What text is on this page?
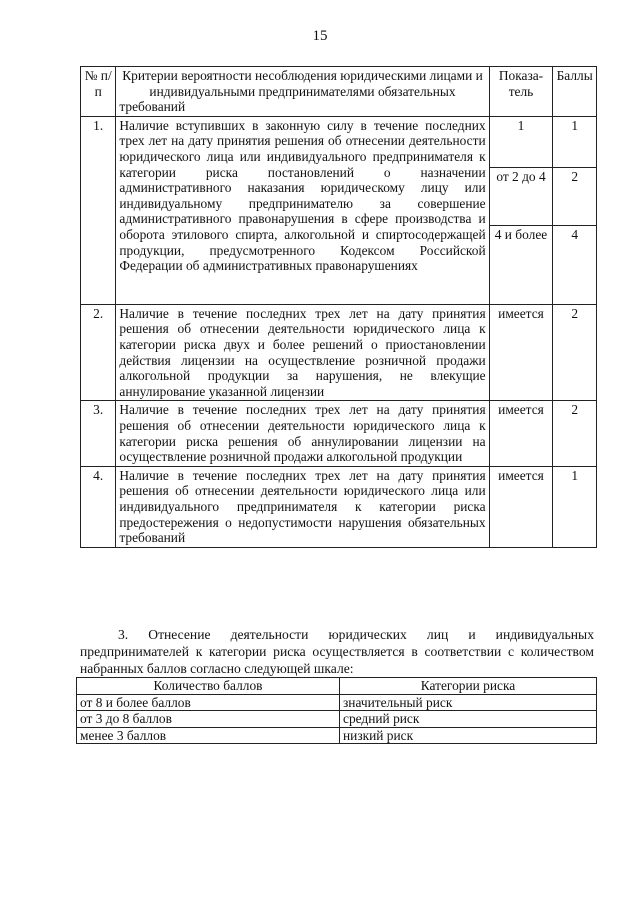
15
№ п/п	Критерии вероятности несоблюдения юридическими лицами и индивидуальными предпринимателями обязательных требований	Показа-тель	Баллы
1.	Наличие вступивших в законную силу в течение последних трех лет на дату принятия решения об отнесении деятельности юридического лица или индивидуального предпринимателя к категории риска постановлений о назначении административного наказания юридическому лицу или индивидуальному предпринимателю за совершение административного правонарушения в сфере производства и оборота этилового спирта, алкогольной и спиртосодержащей продукции, предусмотренного Кодексом Российской Федерации об административных правонарушениях	1	1
		от 2 до 4	2
		4 и более	4
2.	Наличие в течение последних трех лет на дату принятия решения об отнесении деятельности юридического лица к категории риска двух и более решений о приостановлении действия лицензии на осуществление розничной продажи алкогольной продукции за нарушения, не влекущие аннулирование указанной лицензии	имеется	2
3.	Наличие в течение последних трех лет на дату принятия решения об отнесении деятельности юридического лица к категории риска решения об аннулировании лицензии на осуществление розничной продажи алкогольной продукции	имеется	2
4.	Наличие в течение последних трех лет на дату принятия решения об отнесении деятельности юридического лица или индивидуального предпринимателя к категории риска предостережения о недопустимости нарушения обязательных требований	имеется	1

3. Отнесение деятельности юридических лиц и индивидуальных предпринимателей к категории риска осуществляется в соответствии с количеством набранных баллов согласно следующей шкале:

Количество баллов	Категории риска
от 8 и более баллов	значительный риск
от 3 до 8 баллов	средний риск
менее 3 баллов	низкий риск
